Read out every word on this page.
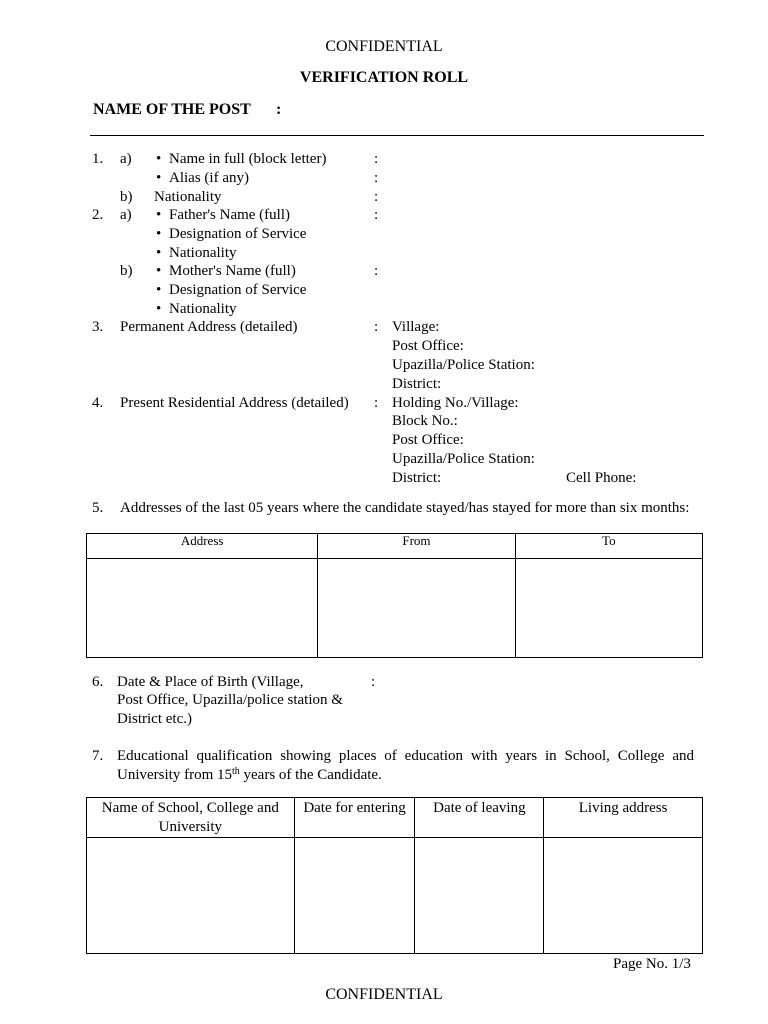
CONFIDENTIAL
VERIFICATION ROLL
NAME OF THE POST :
1. a) • Name in full (block letter)	:
• Alias (if any)	:
b) Nationality	:
2. a) • Father's Name (full)	:
• Designation of Service
• Nationality
b) • Mother's Name (full)	:
• Designation of Service
• Nationality
3. Permanent Address (detailed)	: Village:
Post Office:
Upazilla/Police Station:
District:
4. Present Residential Address (detailed) : Holding No./Village:
Block No.:
Post Office:
Upazilla/Police Station:
District:	Cell Phone:
5. Addresses of the last 05 years where the candidate stayed/has stayed for more than six months:
Address	From	To

6. Date & Place of Birth (Village,	:
Post Office, Upazilla/police station &
District etc.)
7. Educational qualification showing places of education with years in School, College and
University from 15th years of the Candidate.
Name of School, College and University	Date for entering	Date of leaving	Living address

Page No. 1/3
CONFIDENTIAL
